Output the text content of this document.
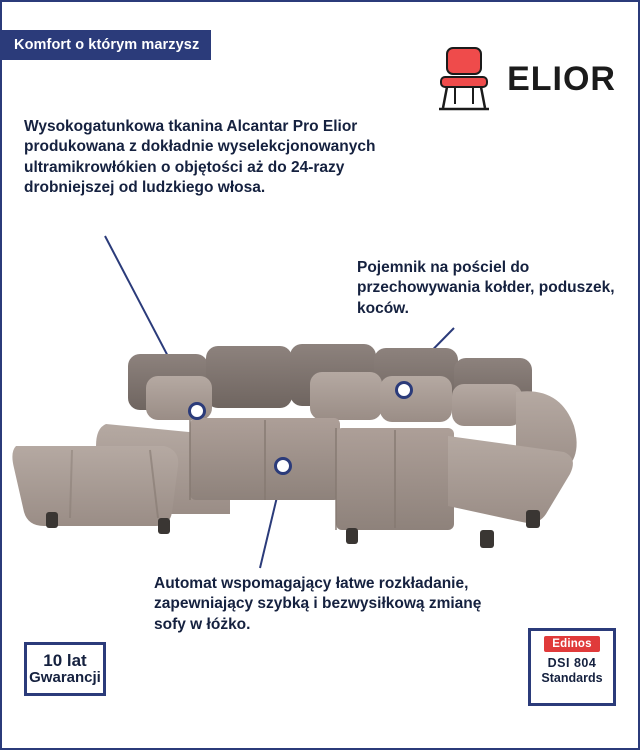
Komfort o którym marzysz
ELIOR
Wysokogatunkowa tkanina Alcantar Pro Elior produkowana z dokładnie wyselekcjonowanych ultramikrowłókien o objętości aż do 24-razy drobniejszej od ludzkiego włosa.
Pojemnik na pościel do przechowywania kołder, poduszek, koców.
Automat wspomagający łatwe rozkładanie, zapewniający szybką i bezwysiłkową zmianę sofy w łóżko.
10 lat
Gwarancji
Edinos
DSI 804
Standards
